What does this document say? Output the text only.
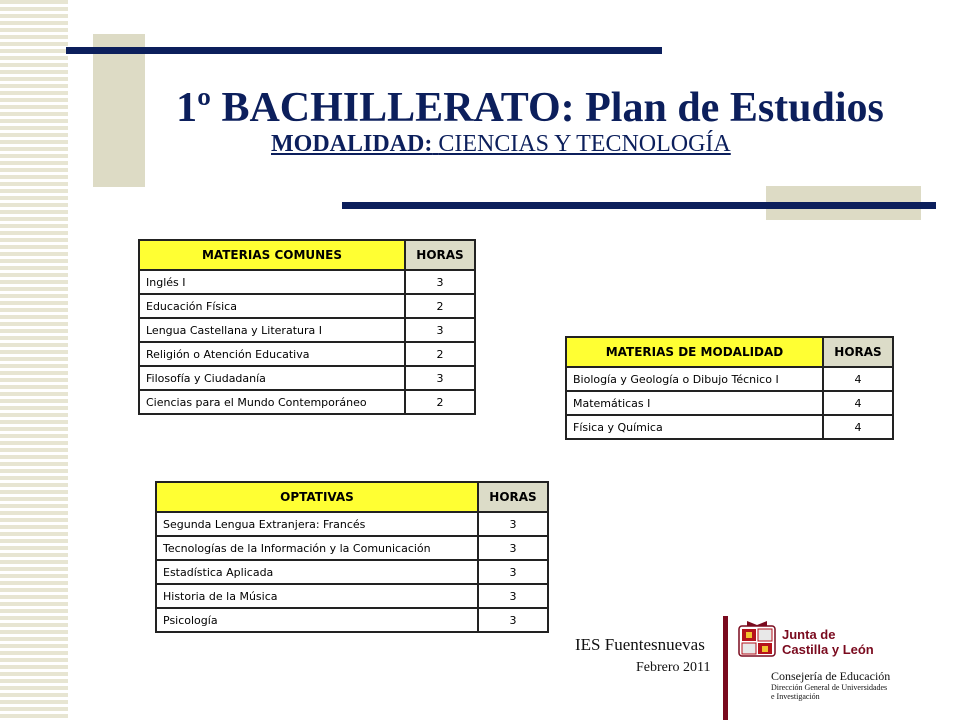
1º BACHILLERATO: Plan de Estudios
MODALIDAD: CIENCIAS Y TECNOLOGÍA
MATERIAS COMUNES	HORAS
Inglés I	3
Educación Física	2
Lengua Castellana y Literatura I	3
Religión o Atención Educativa	2
Filosofía y Ciudadanía	3
Ciencias para el Mundo Contemporáneo	2
MATERIAS DE MODALIDAD	HORAS
Biología y Geología o Dibujo Técnico I	4
Matemáticas I	4
Física y Química	4
OPTATIVAS	HORAS
Segunda Lengua Extranjera: Francés	3
Tecnologías de la Información y la Comunicación	3
Estadística Aplicada	3
Historia de la Música	3
Psicología	3
IES Fuentesnuevas
Febrero 2011
Junta de
Castilla y León
Consejería de Educación
Dirección General de Universidades
e Investigación
